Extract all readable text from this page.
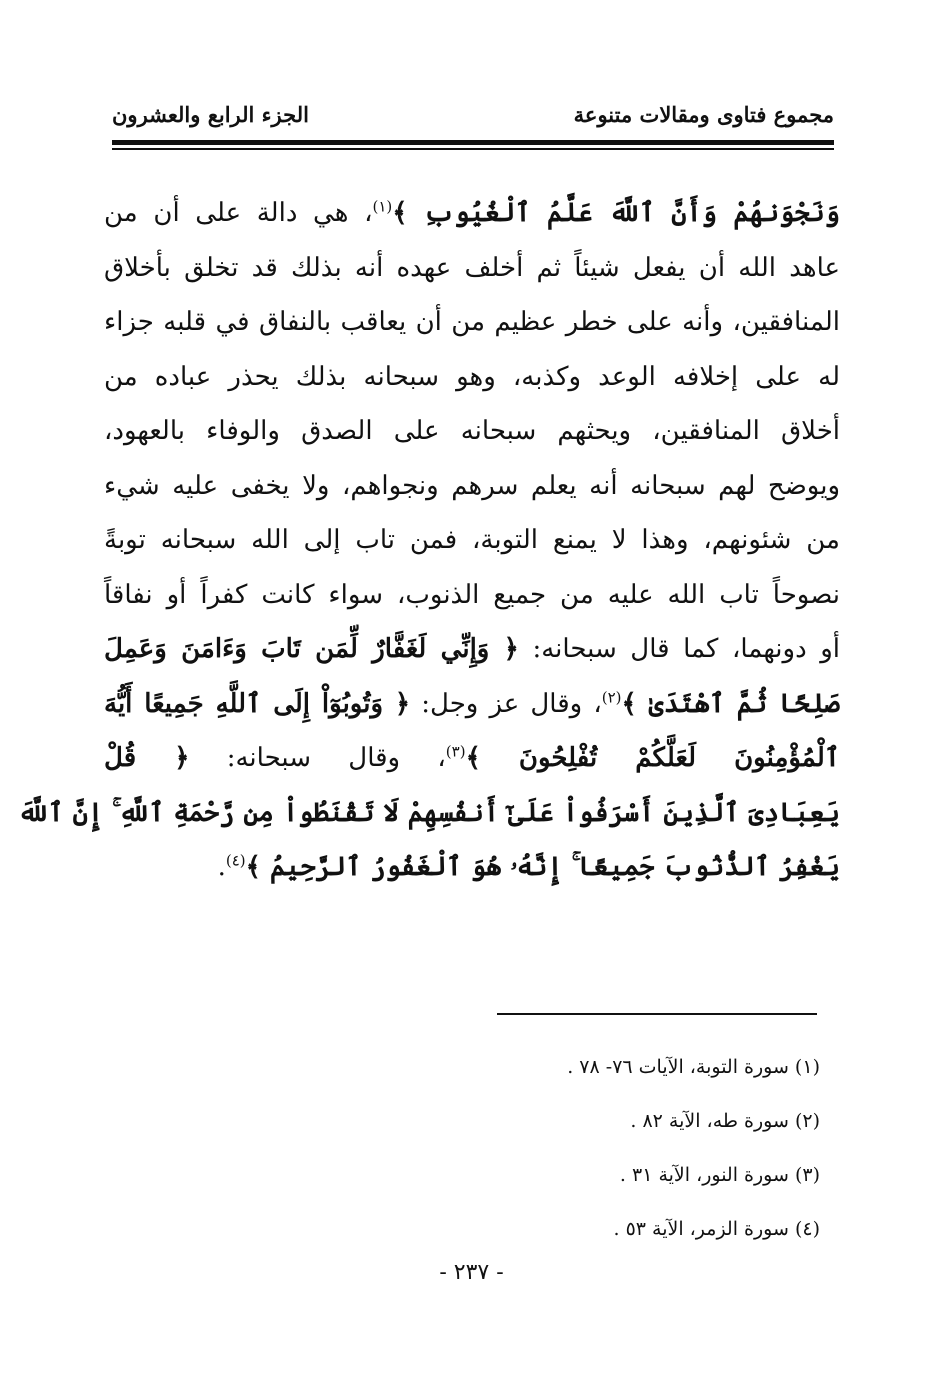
مجموع فتاوى ومقالات متنوعة
الجزء الرابع والعشرون
وَنَجْوَنهُمْ وَأَنَّ ٱللَّهَ عَلَّمُ ٱلْغُيُوبِ ﴾$^{(١)}$، هي دالة على أن من
عاهد الله أن يفعل شيئاً ثم أخلف عهده أنه بذلك قد تخلق بأخلاق
المنافقين، وأنه على خطر عظيم من أن يعاقب بالنفاق في قلبه جزاء
له على إخلافه الوعد وكذبه، وهو سبحانه بذلك يحذر عباده من
أخلاق المنافقين، ويحثهم سبحانه على الصدق والوفاء بالعهود،
ويوضح لهم سبحانه أنه يعلم سرهم ونجواهم، ولا يخفى عليه شيء
من شئونهم، وهذا لا يمنع التوبة، فمن تاب إلى الله سبحانه توبةً
نصوحاً تاب الله عليه من جميع الذنوب، سواء كانت كفراً أو نفاقاً
أو دونهما، كما قال سبحانه: ﴿ وَإِنِّي لَغَفَّارٌ لِّمَن تَابَ وَءَامَنَ وَعَمِلَ
صَلِحًا ثُمَّ ٱهْتَدَىٰ ﴾$^{(٢)}$، وقال عز وجل: ﴿ وَتُوبُوٓاْ إِلَى ٱللَّهِ جَمِيعًا أَيُّهَ
ٱلْمُؤْمِنُونَ لَعَلَّكُمْ تُفْلِحُونَ ﴾$^{(٣)}$، وقال سبحانه: ﴿ قُلْ
يَعِبَادِىَ ٱلَّذِينَ أَسْرَفُواْ عَلَىٰٓ أَنفُسِهِمْ لَا تَقْنَطُواْ مِن رَّحْمَةِ ٱللَّهِ ۚ إِنَّ ٱللَّهَ
يَغْفِرُ ٱلذُّنُوبَ جَمِيعًا ۚ إِنَّهُۥ هُوَ ٱلْغَفُورُ ٱلرَّحِيمُ ﴾$^{(٤)}$.
(١) سورة التوبة، الآيات ٧٦- ٧٨ .
(٢) سورة طه، الآية ٨٢ .
(٣) سورة النور، الآية ٣١ .
(٤) سورة الزمر، الآية ٥٣ .
- ٢٣٧ -
